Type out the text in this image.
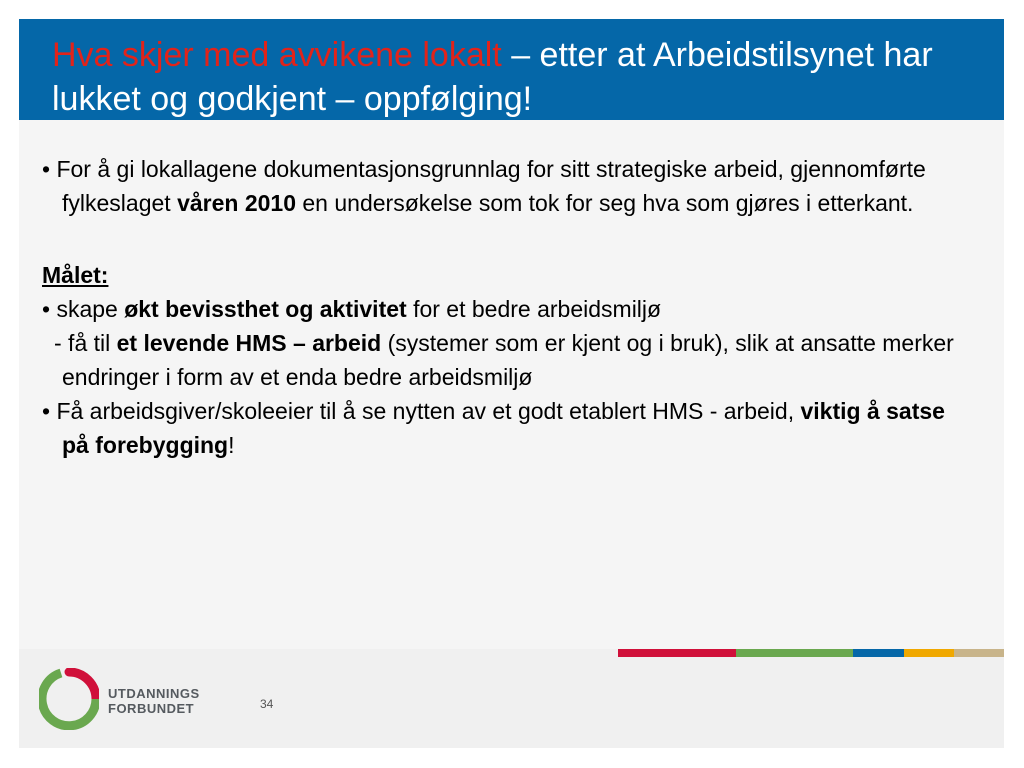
Hva skjer med avvikene lokalt – etter at Arbeidstilsynet har lukket og godkjent – oppfølging!

• For å gi lokallagene dokumentasjonsgrunnlag for sitt strategiske arbeid, gjennomførte fylkeslaget våren 2010 en undersøkelse som tok for seg hva som gjøres i etterkant.

Målet:

• skape økt bevissthet og aktivitet for et bedre arbeidsmiljø

- få til et levende HMS – arbeid (systemer som er kjent og i bruk), slik at ansatte merker endringer i form av et enda bedre arbeidsmiljø

• Få arbeidsgiver/skoleeier til å se nytten av et godt etablert HMS - arbeid, viktig å satse på forebygging!

UTDANNINGS
FORBUNDET	34
